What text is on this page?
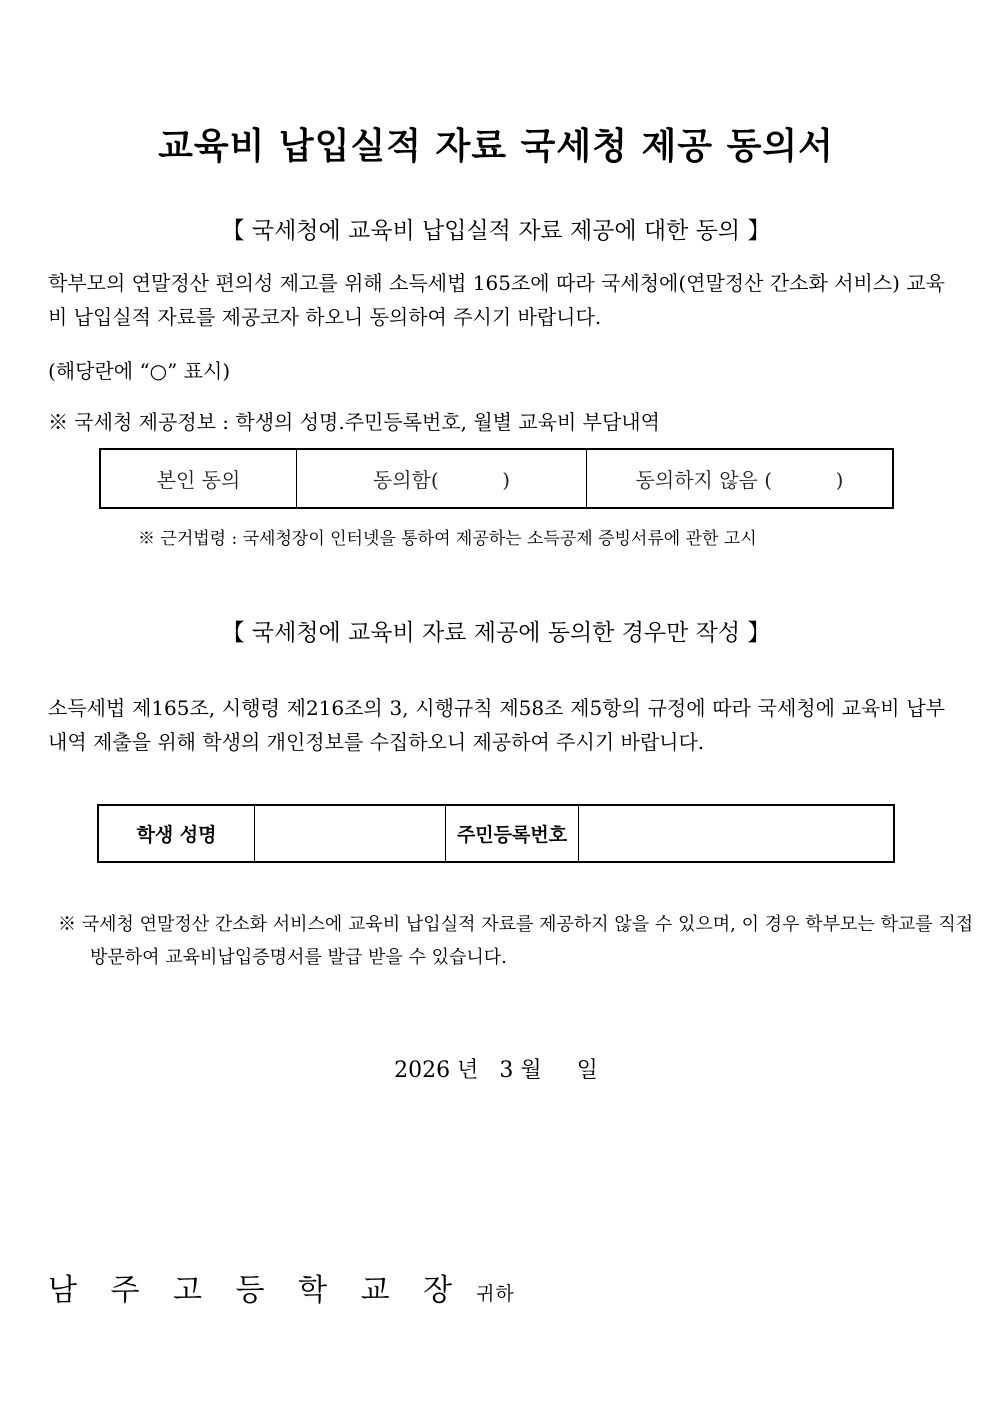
교육비 납입실적 자료 국세청 제공 동의서
【 국세청에 교육비 납입실적 자료 제공에 대한 동의 】
학부모의 연말정산 편의성 제고를 위해 소득세법 165조에 따라 국세청에(연말정산 간소화 서비스) 교육비 납입실적 자료를 제공코자 하오니 동의하여 주시기 바랍니다.
(해당란에 “○” 표시)
※ 국세청 제공정보 : 학생의 성명.주민등록번호, 월별 교육비 부담내역
본인 동의	동의함(          )	동의하지 않음 (          )
※ 근거법령 : 국세청장이 인터넷을 통하여 제공하는 소득공제 증빙서류에 관한 고시
【 국세청에 교육비 자료 제공에 동의한 경우만 작성 】
소득세법 제165조, 시행령 제216조의 3, 시행규칙 제58조 제5항의 규정에 따라 국세청에 교육비 납부내역 제출을 위해 학생의 개인정보를 수집하오니 제공하여 주시기 바랍니다.
학생 성명		주민등록번호	
※ 국세청 연말정산 간소화 서비스에 교육비 납입실적 자료를 제공하지 않을 수 있으며, 이 경우 학부모는 학교를 직접 방문하여 교육비납입증명서를 발급 받을 수 있습니다.
2026 년   3 월     일
남 주 고 등 학 교 장 귀하
